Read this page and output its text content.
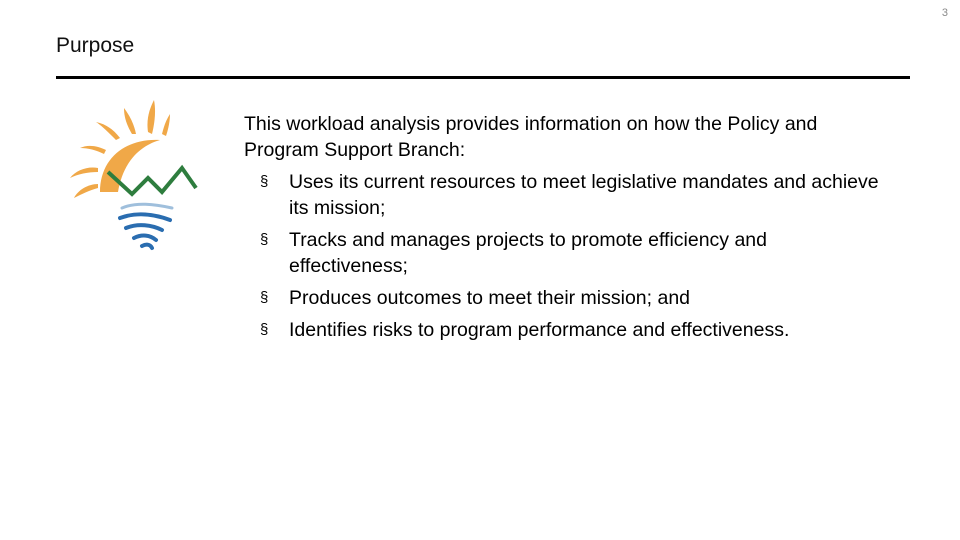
3
Purpose

This workload analysis provides information on how the Policy and Program Support Branch:

§ Uses its current resources to meet legislative mandates and achieve its mission;
§ Tracks and manages projects to promote efficiency and effectiveness;
§ Produces outcomes to meet their mission; and
§ Identifies risks to program performance and effectiveness.
